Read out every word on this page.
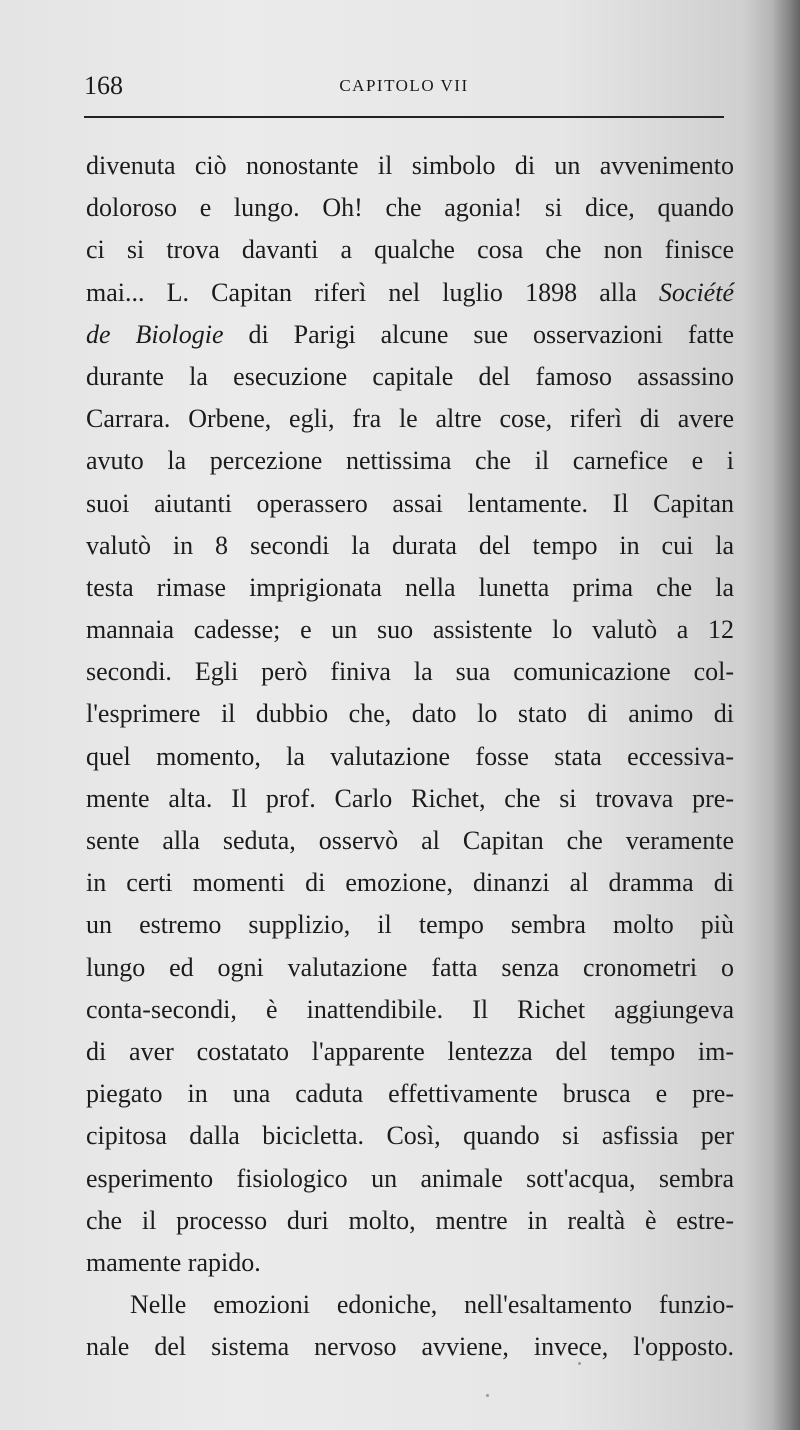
168	CAPITOLO VII
divenuta ciò nonostante il simbolo di un avvenimento
doloroso e lungo. Oh! che agonia! si dice, quando
ci si trova davanti a qualche cosa che non finisce
mai... L. Capitan riferì nel luglio 1898 alla Société
de Biologie di Parigi alcune sue osservazioni fatte
durante la esecuzione capitale del famoso assassino
Carrara. Orbene, egli, fra le altre cose, riferì di avere
avuto la percezione nettissima che il carnefice e i
suoi aiutanti operassero assai lentamente. Il Capitan
valutò in 8 secondi la durata del tempo in cui la
testa rimase imprigionata nella lunetta prima che la
mannaia cadesse; e un suo assistente lo valutò a 12
secondi. Egli però finiva la sua comunicazione col-
l'esprimere il dubbio che, dato lo stato di animo di
quel momento, la valutazione fosse stata eccessiva-
mente alta. Il prof. Carlo Richet, che si trovava pre-
sente alla seduta, osservò al Capitan che veramente
in certi momenti di emozione, dinanzi al dramma di
un estremo supplizio, il tempo sembra molto più
lungo ed ogni valutazione fatta senza cronometri o
conta-secondi, è inattendibile. Il Richet aggiungeva
di aver costatato l'apparente lentezza del tempo im-
piegato in una caduta effettivamente brusca e pre-
cipitosa dalla bicicletta. Così, quando si asfissia per
esperimento fisiologico un animale sott'acqua, sembra
che il processo duri molto, mentre in realtà è estre-
mamente rapido.
Nelle emozioni edoniche, nell'esaltamento funzio-
nale del sistema nervoso avviene, invece, l'opposto.
